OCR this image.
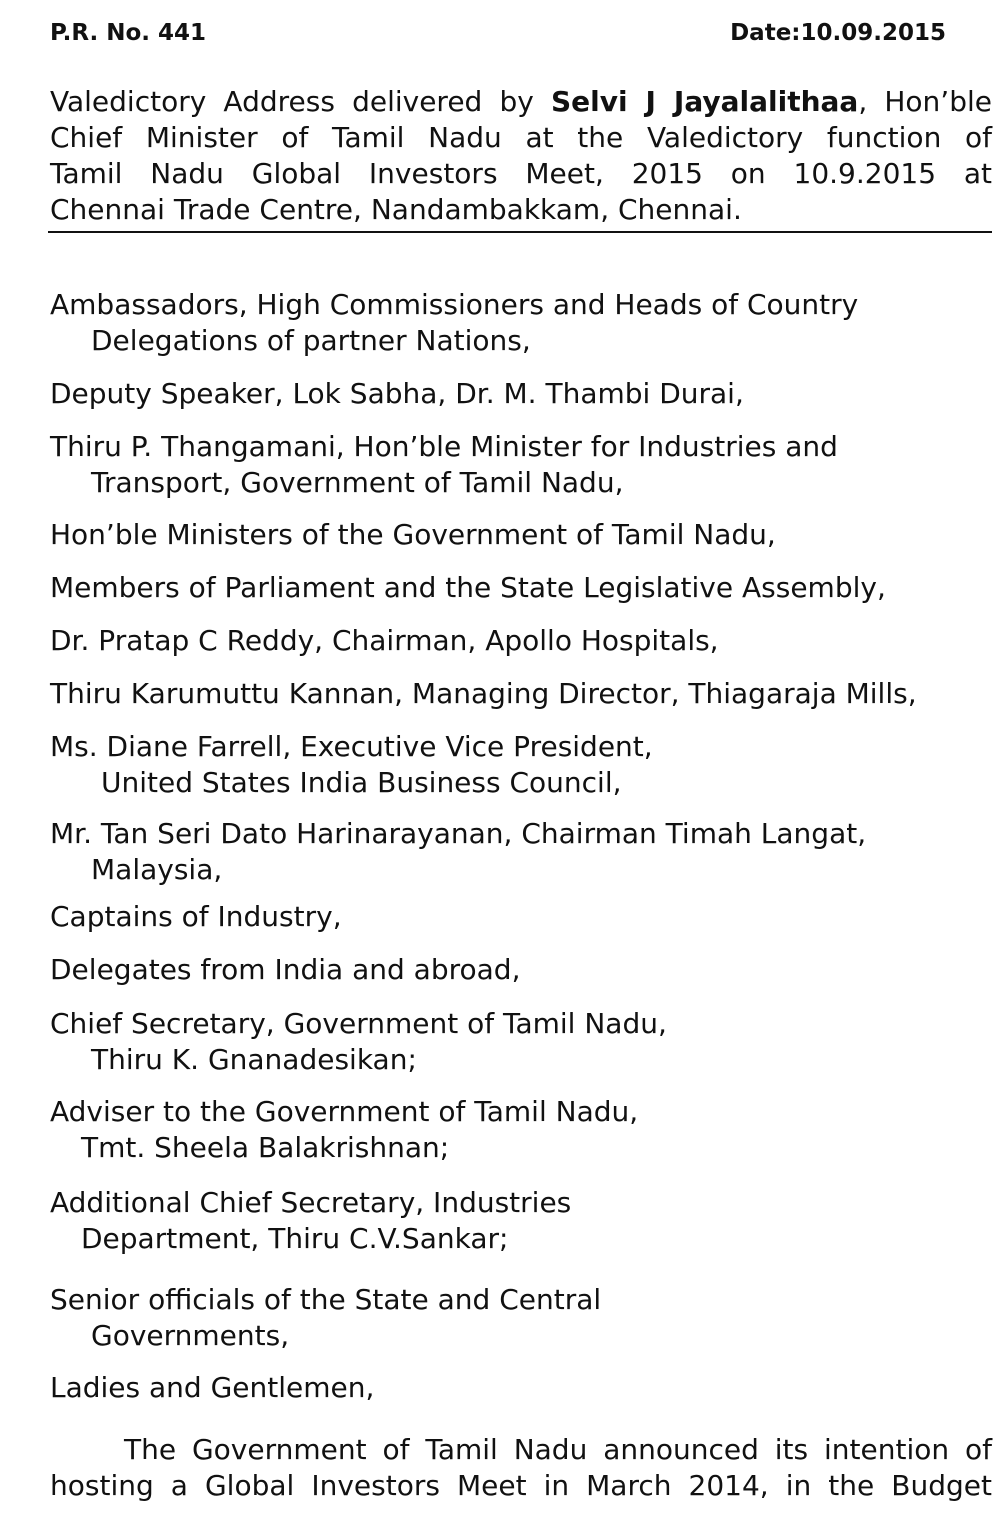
P.R. No. 441	Date:10.09.2015
Valedictory Address delivered by Selvi J Jayalalithaa, Hon’ble
Chief Minister of Tamil Nadu at the Valedictory function of
Tamil Nadu Global Investors Meet, 2015 on 10.9.2015 at
Chennai Trade Centre, Nandambakkam, Chennai.
Ambassadors, High Commissioners and Heads of Country
Delegations of partner Nations,
Deputy Speaker, Lok Sabha, Dr. M. Thambi Durai,
Thiru P. Thangamani, Hon’ble Minister for Industries and
Transport, Government of Tamil Nadu,
Hon’ble Ministers of the Government of Tamil Nadu,
Members of Parliament and the State Legislative Assembly,
Dr. Pratap C Reddy, Chairman, Apollo Hospitals,
Thiru Karumuttu Kannan, Managing Director, Thiagaraja Mills,
Ms. Diane Farrell, Executive Vice President,
United States India Business Council,
Mr. Tan Seri Dato Harinarayanan, Chairman Timah Langat,
Malaysia,
Captains of Industry,
Delegates from India and abroad,
Chief Secretary, Government of Tamil Nadu,
Thiru K. Gnanadesikan;
Adviser to the Government of Tamil Nadu,
Tmt. Sheela Balakrishnan;
Additional Chief Secretary, Industries
Department, Thiru C.V.Sankar;
Senior officials of the State and Central
Governments,
Ladies and Gentlemen,
The Government of Tamil Nadu announced its intention of
hosting a Global Investors Meet in March 2014, in the Budget
